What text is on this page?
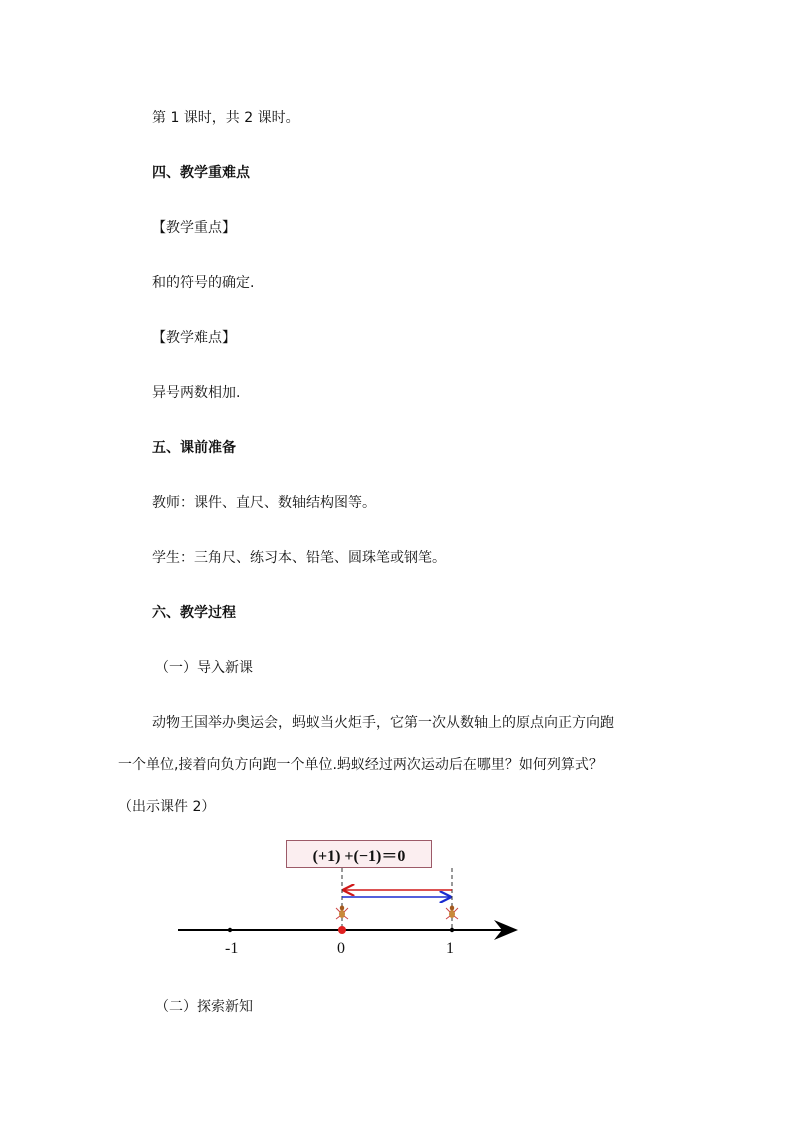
第 1 课时，共 2 课时。
四、教学重难点
【教学重点】
和的符号的确定.
【教学难点】
异号两数相加.
五、课前准备
教师：课件、直尺、数轴结构图等。
学生：三角尺、练习本、铅笔、圆珠笔或钢笔。
六、教学过程
（一）导入新课
动物王国举办奥运会，蚂蚁当火炬手，它第一次从数轴上的原点向正方向跑
一个单位,接着向负方向跑一个单位.蚂蚁经过两次运动后在哪里？如何列算式？
（出示课件 2）
(+1) +(−1)＝0
-1	0	1
（二）探索新知
